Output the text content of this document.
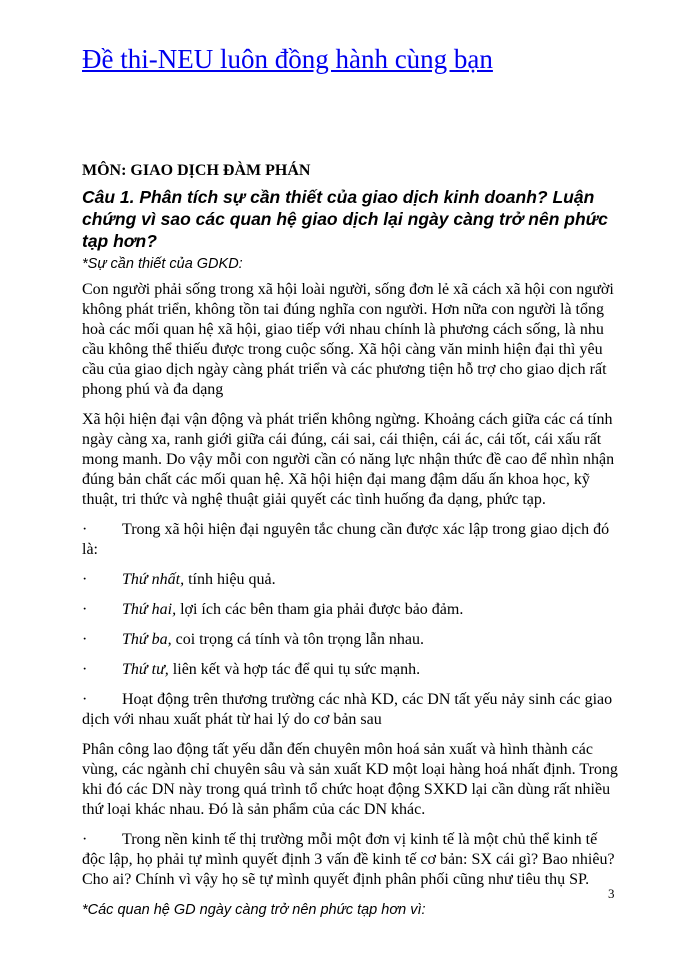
Đề thi-NEU luôn đồng hành cùng bạn
MÔN: GIAO DỊCH ĐÀM PHÁN
Câu 1. Phân tích sự cần thiết của giao dịch kinh doanh? Luận chứng vì sao các quan hệ giao dịch lại ngày càng trở nên phức tạp hơn?
*Sự cần thiết của GDKD:

Con người phải sống trong xã hội loài người, sống đơn lẻ xã cách xã hội con người không phát triển, không tồn tai đúng nghĩa con người. Hơn nữa con người là tổng hoà các mối quan hệ xã hội, giao tiếp với nhau chính là phương cách sống, là nhu cầu không thể thiếu được trong cuộc sống. Xã hội càng văn minh hiện đại thì yêu cầu của giao dịch ngày càng phát triển và các phương tiện hỗ trợ cho giao dịch rất phong phú và đa dạng

Xã hội hiện đại vận động và phát triển không ngừng. Khoảng cách giữa các cá tính ngày càng xa, ranh giới giữa cái đúng, cái sai, cái thiện, cái ác, cái tốt, cái xấu rất mong manh. Do vậy mỗi con người cần có năng lực nhận thức đề cao để nhìn nhận đúng bản chất các mối quan hệ. Xã hội hiện đại mang đậm dấu ấn khoa học, kỹ thuật, tri thức và nghệ thuật giải quyết các tình huống đa dạng, phức tạp.

·	Trong xã hội hiện đại nguyên tắc chung cần được xác lập trong giao dịch đó là:
·	Thứ nhất, tính hiệu quả.
·	Thứ hai, lợi ích các bên tham gia phải được bảo đảm.
·	Thứ ba, coi trọng cá tính và tôn trọng lẫn nhau.
·	Thứ tư, liên kết và hợp tác để qui tụ sức mạnh.
·	Hoạt động trên thương trường các nhà KD, các DN tất yếu nảy sinh các giao dịch với nhau xuất phát từ hai lý do cơ bản sau

Phân công lao động tất yếu dẫn đến chuyên môn hoá sản xuất và hình thành các vùng, các ngành chỉ chuyên sâu và sản xuất KD một loại hàng hoá nhất định. Trong khi đó các DN này trong quá trình tổ chức hoạt động SXKD lại cần dùng rất nhiều thứ loại khác nhau. Đó là sản phẩm của các DN khác.

·	Trong nền kinh tế thị trường mỗi một đơn vị kinh tế là một chủ thể kinh tế độc lập, họ phải tự mình quyết định 3 vấn đề kinh tế cơ bản: SX cái gì? Bao nhiêu? Cho ai? Chính vì vậy họ sẽ tự mình quyết định phân phối cũng như tiêu thụ SP.
*Các quan hệ GD ngày càng trở nên phức tạp hơn vì:
3
